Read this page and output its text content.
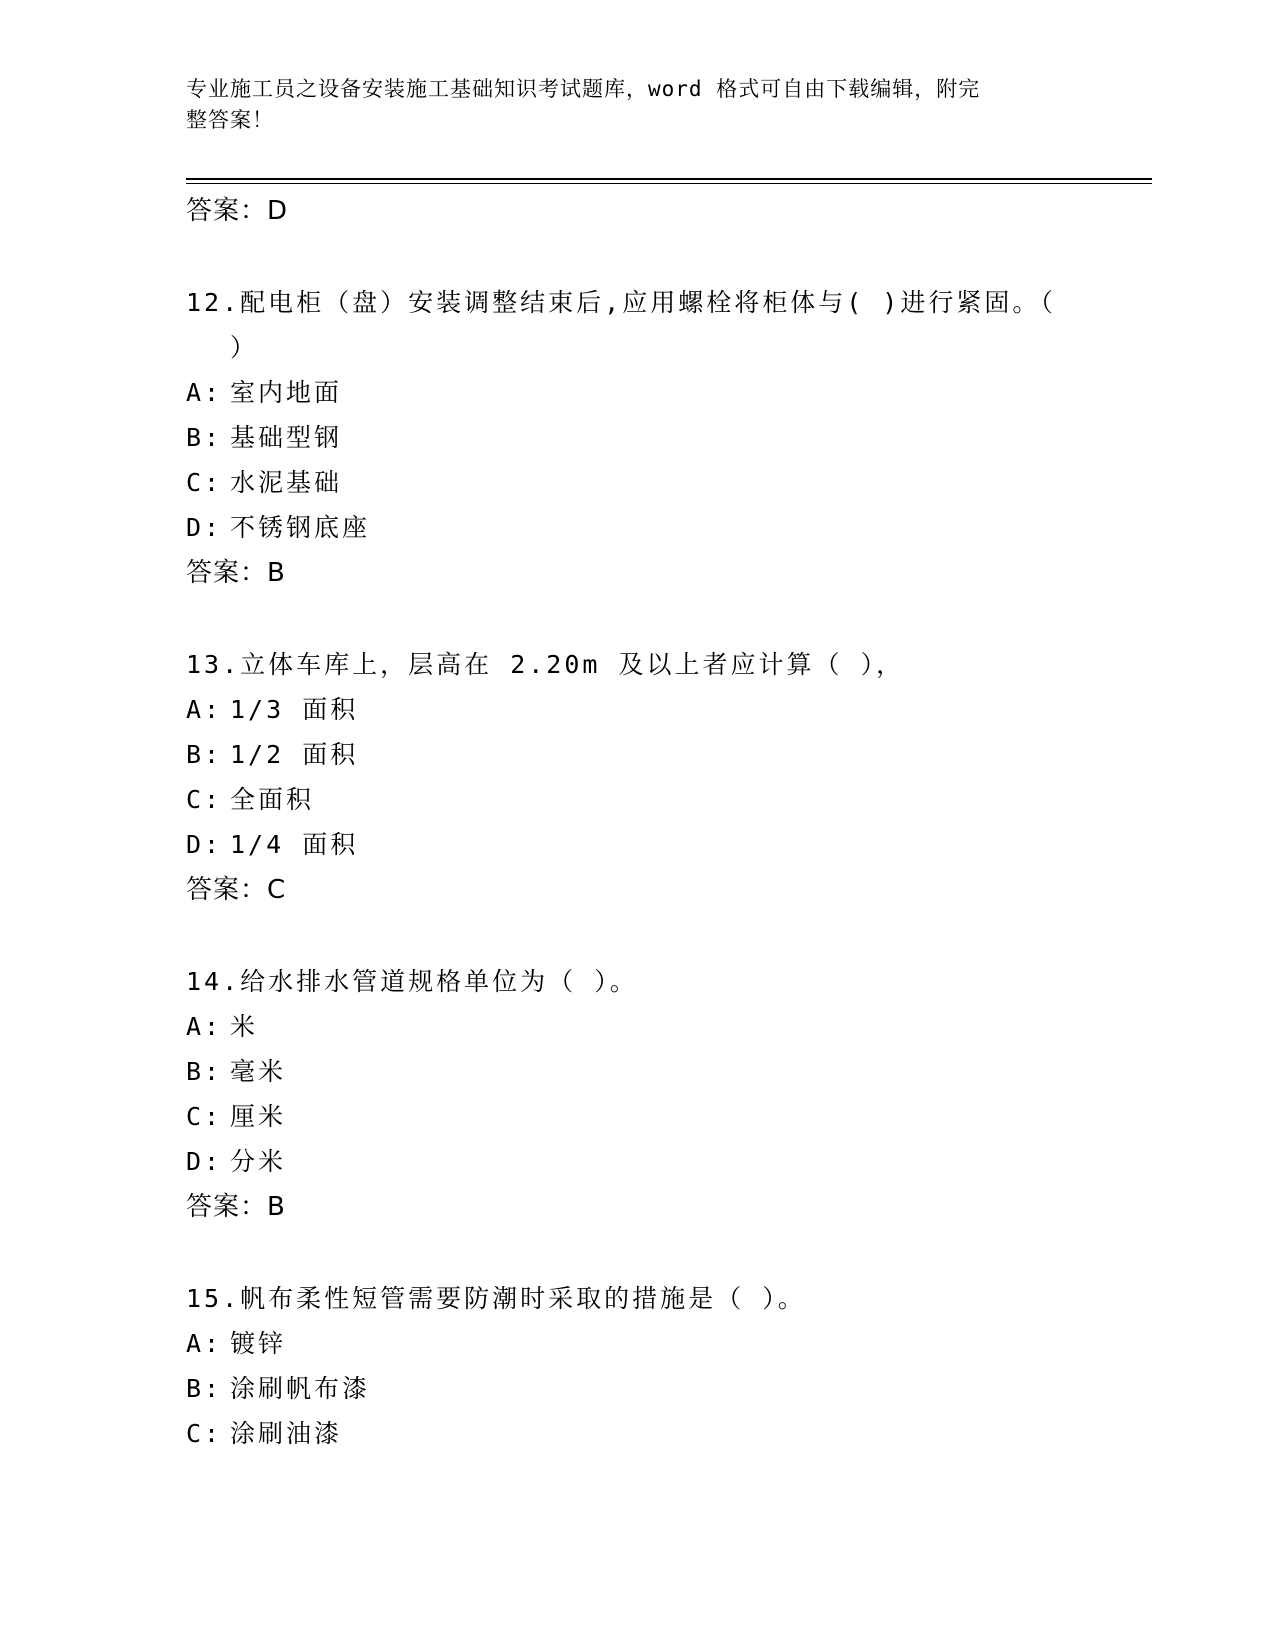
专业施工员之设备安装施工基础知识考试题库，word 格式可自由下载编辑，附完
整答案！
答案：D
12.配电柜（盘）安装调整结束后,应用螺栓将柜体与( )进行紧固。（
）
A: 室内地面
B: 基础型钢
C: 水泥基础
D: 不锈钢底座
答案：B
13.立体车库上，层高在 2.20m 及以上者应计算（ ），
A: 1/3 面积
B: 1/2 面积
C: 全面积
D: 1/4 面积
答案：C
14.给水排水管道规格单位为（ ）。
A: 米
B: 毫米
C: 厘米
D: 分米
答案：B
15.帆布柔性短管需要防潮时采取的措施是（ ）。
A: 镀锌
B: 涂刷帆布漆
C: 涂刷油漆
